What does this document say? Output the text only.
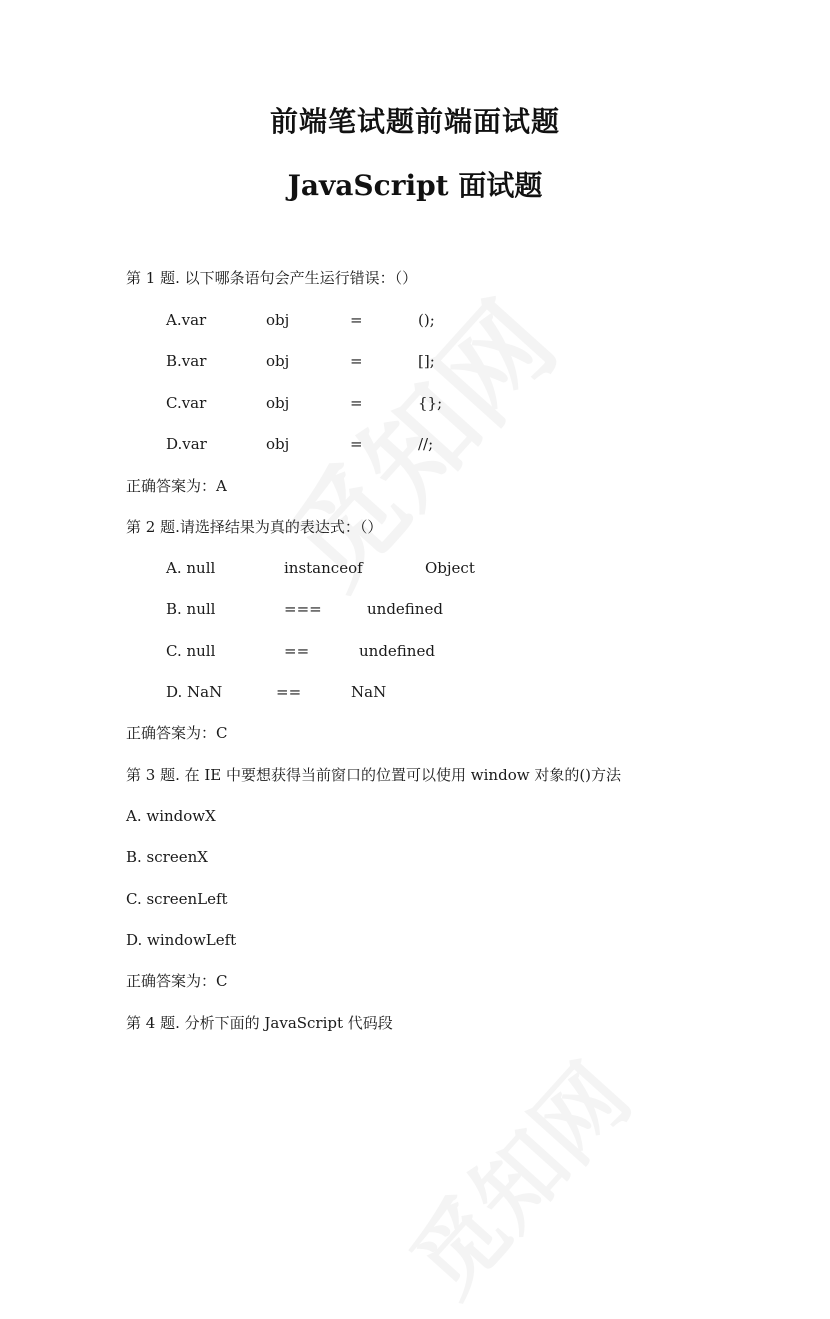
前端笔试题前端面试题
JavaScript 面试题
第 1 题. 以下哪条语句会产生运行错误：（）
A.var	obj	=	();
B.var	obj	=	[];
C.var	obj	=	{};
D.var	obj	=	//;
正确答案为：A
第 2 题.请选择结果为真的表达式：（）
A. null	instanceof	Object
B. null	===	undefined
C. null	==	undefined
D. NaN	==	NaN
正确答案为：C
第 3 题. 在 IE 中要想获得当前窗口的位置可以使用 window 对象的()方法
A. windowX
B. screenX
C. screenLeft
D. windowLeft
正确答案为：C
第 4 题. 分析下面的 JavaScript 代码段
